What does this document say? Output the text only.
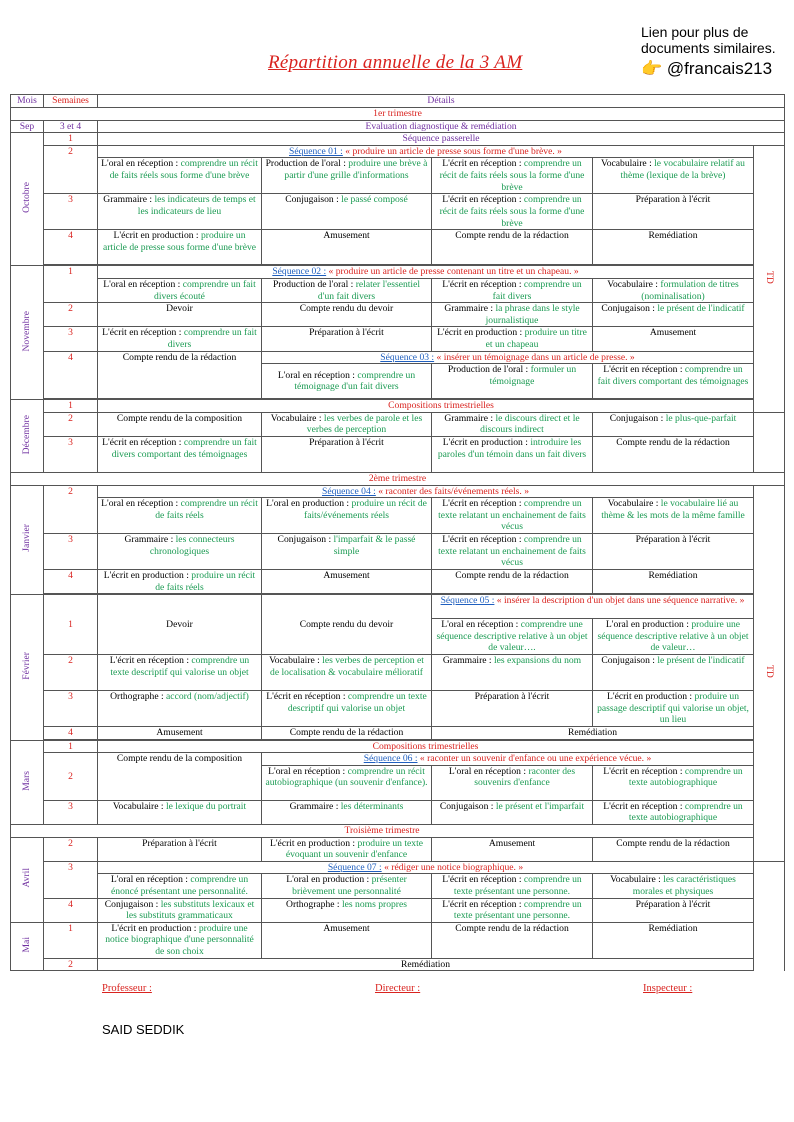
Lien pour plus de
documents similaires.
👉 @francais213
Répartition annuelle de la 3 AM
Mois	Semaines	Détails					
1er trimestre							
Sep	3 et 4	Evaluation diagnostique & remédiation					
Octobre	1	Séquence passerelle					
	2	Séquence 01 : « produire un article de presse sous forme d'une brève. »				TD	
		L'oral en réception : comprendre un récit de faits réels sous forme d'une brève	Production de l'oral : produire une brève à partir d'une grille d'informations	L'écrit en réception : comprendre un récit de faits réels sous la forme d'une brève	Vocabulaire : le vocabulaire relatif au thème (lexique de la brève)		
	3	Grammaire : les indicateurs de temps et les indicateurs de lieu	Conjugaison : le passé composé	L'écrit en réception : comprendre un récit de faits réels sous la forme d'une brève	Préparation à l'écrit		
	4	L'écrit en production : produire un article de presse sous forme d'une brève	Amusement	Compte rendu de la rédaction	Remédiation		

Novembre	1	Séquence 02 : « produire un article de presse contenant un titre et un chapeau. »					
		L'oral en réception : comprendre un fait divers écouté	Production de l'oral : relater l'essentiel d'un fait divers	L'écrit en réception : comprendre un fait divers	Vocabulaire : formulation de titres (nominalisation)		
	2	Devoir	Compte rendu du devoir	Grammaire : la phrase dans le style journalistique	Conjugaison : le présent de l'indicatif		
	3	L'écrit en réception : comprendre un fait divers	Préparation à l'écrit	L'écrit en production : produire un titre et un chapeau	Amusement		
	4	Compte rendu de la rédaction	Séquence 03 : « insérer un témoignage dans un article de presse. »				
			L'oral en réception : comprendre un témoignage d'un fait divers	Production de l'oral : formuler un témoignage	L'écrit en réception : comprendre un fait divers comportant des témoignages		

Décembre	1	Compositions trimestrielles					
	2	Compte rendu de la composition	Vocabulaire : les verbes de parole et les verbes de perception	Grammaire : le discours direct et le discours indirect	Conjugaison : le plus-que-parfait		
	3	L'écrit en réception : comprendre un fait divers comportant des témoignages	Préparation à l'écrit	L'écrit en production : introduire les paroles d'un témoin dans un fait divers	Compte rendu de la rédaction		
2ème trimestre							
Janvier	2	Séquence 04 : « raconter des faits/événements réels. »				TD	
		L'oral en réception : comprendre un récit de faits réels	L'oral en production : produire un récit de faits/événements réels	L'écrit en réception : comprendre un texte relatant un enchainement de faits vécus	Vocabulaire : le vocabulaire lié au thème & les mots de la même famille		
	3	Grammaire : les connecteurs chronologiques	Conjugaison : l'imparfait & le passé simple	L'écrit en réception : comprendre un texte relatant un enchainement de faits vécus	Préparation à l'écrit		
	4	L'écrit en production : produire un récit de faits réels	Amusement	Compte rendu de la rédaction	Remédiation		

Février	1	Devoir	Compte rendu du devoir	Séquence 05 : « insérer la description d'un objet dans une séquence narrative. »			
				L'oral en réception : comprendre une séquence descriptive relative à un objet de valeur….	L'oral en production : produire une séquence descriptive relative à un objet de valeur…		
	2	L'écrit en réception : comprendre un texte descriptif qui valorise un objet	Vocabulaire : les verbes de perception et de localisation & vocabulaire mélioratif	Grammaire : les expansions du nom	Conjugaison : le présent de l'indicatif		
	3	Orthographe : accord (nom/adjectif)	L'écrit en réception : comprendre un texte descriptif qui valorise un objet	Préparation à l'écrit	L'écrit en production : produire un passage descriptif qui valorise un objet, un lieu		
	4	Amusement	Compte rendu de la rédaction	Remédiation			

Mars	1	Compositions trimestrielles					
	2	Compte rendu de la composition	Séquence 06 : « raconter un souvenir d'enfance ou une expérience vécue. »				
			L'oral en réception : comprendre un récit autobiographique (un souvenir d'enfance).	L'oral en réception : raconter des souvenirs d'enfance	L'écrit en réception : comprendre un texte autobiographique		
	3	Vocabulaire : le lexique du portrait	Grammaire : les déterminants	Conjugaison : le présent et l'imparfait	L'écrit en réception : comprendre un texte autobiographique		
Troisième trimestre							
Avril	2	Préparation à l'écrit	L'écrit en production : produire un texte évoquant un souvenir d'enfance	Amusement	Compte rendu de la rédaction	
	3	Séquence 07 : « rédiger une notice biographique. »					
		L'oral en réception : comprendre un énoncé présentant une personnalité.	L'oral en production : présenter brièvement une personnalité	L'écrit en réception : comprendre un texte présentant une personne.	Vocabulaire : les caractéristiques morales et physiques		
	4	Conjugaison : les substituts lexicaux et les substituts grammaticaux	Orthographe : les noms propres	L'écrit en réception : comprendre un texte présentant une personne.	Préparation à l'écrit		
Mai	1	L'écrit en production : produire une notice biographique d'une personnalité de son choix	Amusement	Compte rendu de la rédaction	Remédiation		
	2	Remédiation					
Professeur :	Directeur :	Inspecteur :
SAID SEDDIK
